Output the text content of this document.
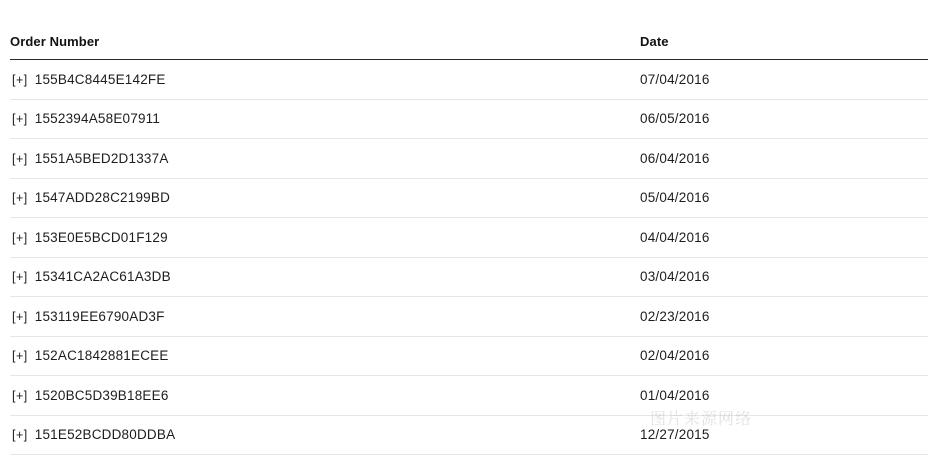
Order Number	Date
[+] 155B4C8445E142FE	07/04/2016
[+] 1552394A58E07911	06/05/2016
[+] 1551A5BED2D1337A	06/04/2016
[+] 1547ADD28C2199BD	05/04/2016
[+] 153E0E5BCD01F129	04/04/2016
[+] 15341CA2AC61A3DB	03/04/2016
[+] 153119EE6790AD3F	02/23/2016
[+] 152AC1842881ECEE	02/04/2016
[+] 1520BC5D39B18EE6	01/04/2016
[+] 151E52BCDD80DDBA	12/27/2015
图片来源网络
